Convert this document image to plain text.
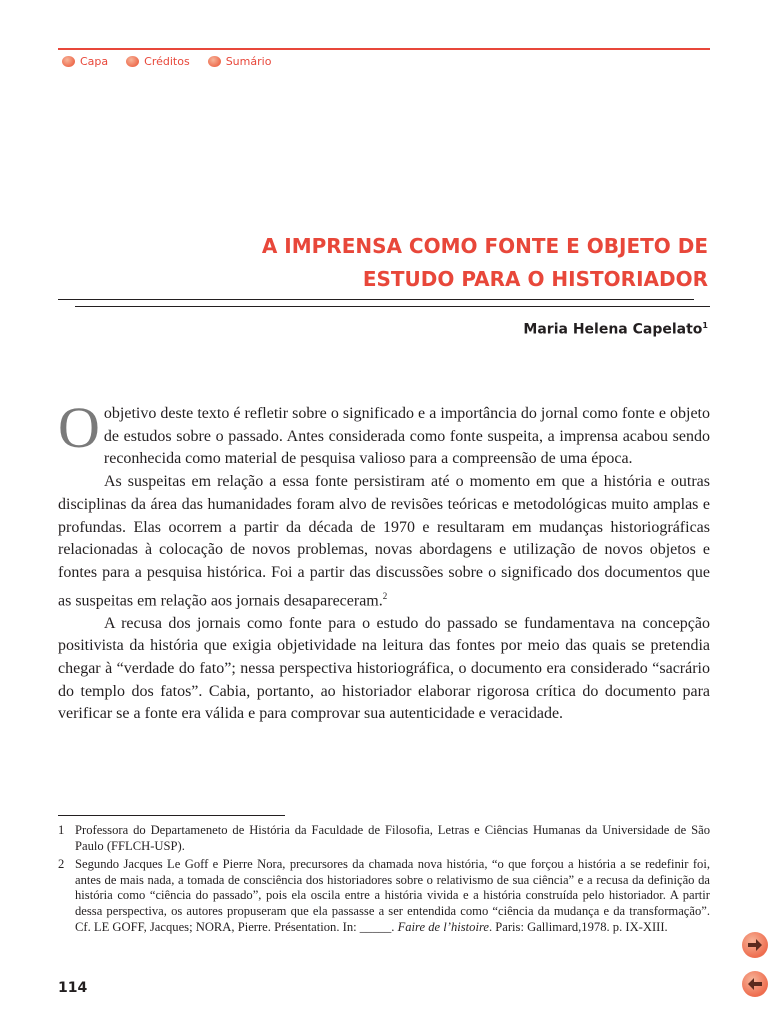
Capa	Créditos	Sumário
A IMPRENSA COMO FONTE E OBJETO DE
ESTUDO PARA O HISTORIADOR
Maria Helena Capelato$^1$

Oobjetivo deste texto é refletir sobre o significado e a importância do jornal como fonte e objeto de estudos sobre o passado. Antes considerada como fonte suspeita, a imprensa acabou sendo reconhecida como material de pesquisa valioso para a compreensão de uma época.

As suspeitas em relação a essa fonte persistiram até o momento em que a história e outras disciplinas da área das humanidades foram alvo de revisões teóricas e metodológicas muito amplas e profundas. Elas ocorrem a partir da década de 1970 e resultaram em mudanças historiográficas relacionadas à colocação de novos problemas, novas abordagens e utilização de novos objetos e fontes para a pesquisa histórica. Foi a partir das discussões sobre o significado dos documentos que as suspeitas em relação aos jornais desapareceram.$^2$

A recusa dos jornais como fonte para o estudo do passado se fundamentava na concepção positivista da história que exigia objetividade na leitura das fontes por meio das quais se pretendia chegar à “verdade do fato”; nessa perspectiva historiográfica, o documento era considerado “sacrário do templo dos fatos”. Cabia, portanto, ao historiador elaborar rigorosa crítica do documento para verificar se a fonte era válida e para comprovar sua autenticidade e veracidade.

1 Professora do Departameneto de História da Faculdade de Filosofia, Letras e Ciências Humanas da Universidade de São Paulo (FFLCH-USP).
2 Segundo Jacques Le Goff e Pierre Nora, precursores da chamada nova história, “o que forçou a história a se redefinir foi, antes de mais nada, a tomada de consciência dos historiadores sobre o relativismo de sua ciência” e a recusa da definição da história como “ciência do passado”, pois ela oscila entre a história vivida e a história construída pelo historiador. A partir dessa perspectiva, os autores propuseram que ela passasse a ser entendida como “ciência da mudança e da transformação”. Cf. LE GOFF, Jacques; NORA, Pierre. Présentation. In: _____. Faire de l’histoire. Paris: Gallimard,1978. p. IX-XIII.
114
